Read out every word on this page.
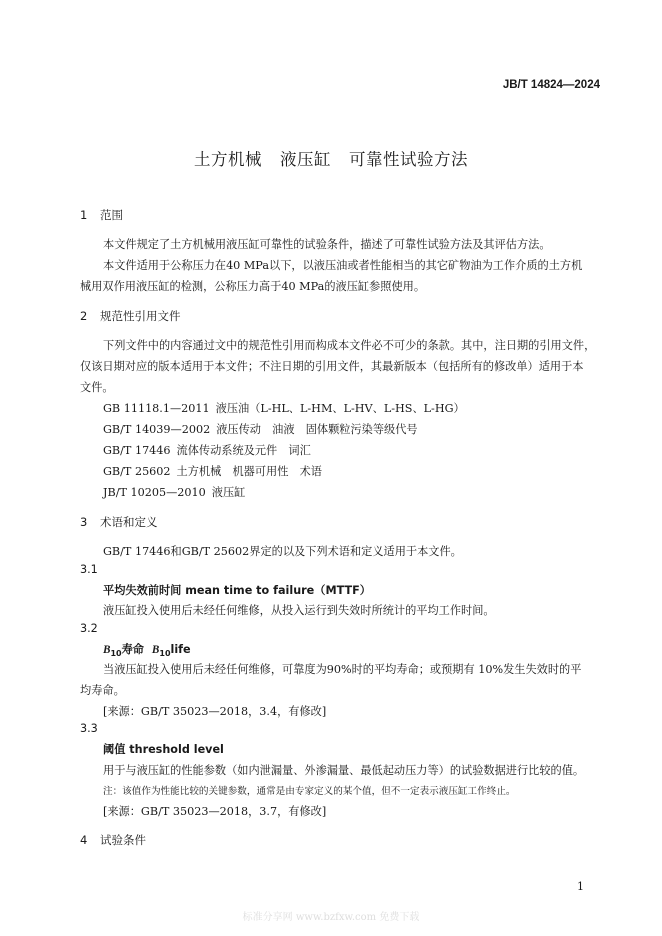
JB/T 14824—2024
土方机械 液压缸 可靠性试验方法
1 范围
本文件规定了土方机械用液压缸可靠性的试验条件，描述了可靠性试验方法及其评估方法。
本文件适用于公称压力在40 MPa以下，以液压油或者性能相当的其它矿物油为工作介质的土方机
械用双作用液压缸的检测，公称压力高于40 MPa的液压缸参照使用。
2 规范性引用文件
下列文件中的内容通过文中的规范性引用而构成本文件必不可少的条款。其中，注日期的引用文件，
仅该日期对应的版本适用于本文件；不注日期的引用文件，其最新版本（包括所有的修改单）适用于本
文件。
GB 11118.1—2011 液压油（L-HL、L-HM、L-HV、L-HS、L-HG）
GB/T 14039—2002 液压传动　油液　固体颗粒污染等级代号
GB/T 17446 流体传动系统及元件　词汇
GB/T 25602 土方机械　机器可用性　术语
JB/T 10205—2010 液压缸
3 术语和定义
GB/T 17446和GB/T 25602界定的以及下列术语和定义适用于本文件。
3.1
平均失效前时间 mean time to failure（MTTF）
液压缸投入使用后未经任何维修，从投入运行到失效时所统计的平均工作时间。
3.2
$B_{10}$寿命 $B_{10}life$
当液压缸投入使用后未经任何维修，可靠度为90%时的平均寿命；或预期有 10%发生失效时的平
均寿命。
[来源：GB/T 35023—2018，3.4，有修改]
3.3
阈值 threshold level
用于与液压缸的性能参数（如内泄漏量、外渗漏量、最低起动压力等）的试验数据进行比较的值。
注：该值作为性能比较的关键参数，通常是由专家定义的某个值，但不一定表示液压缸工作终止。
[来源：GB/T 35023—2018，3.7，有修改]
4 试验条件
1
标准分享网 www.bzfxw.com 免费下载
